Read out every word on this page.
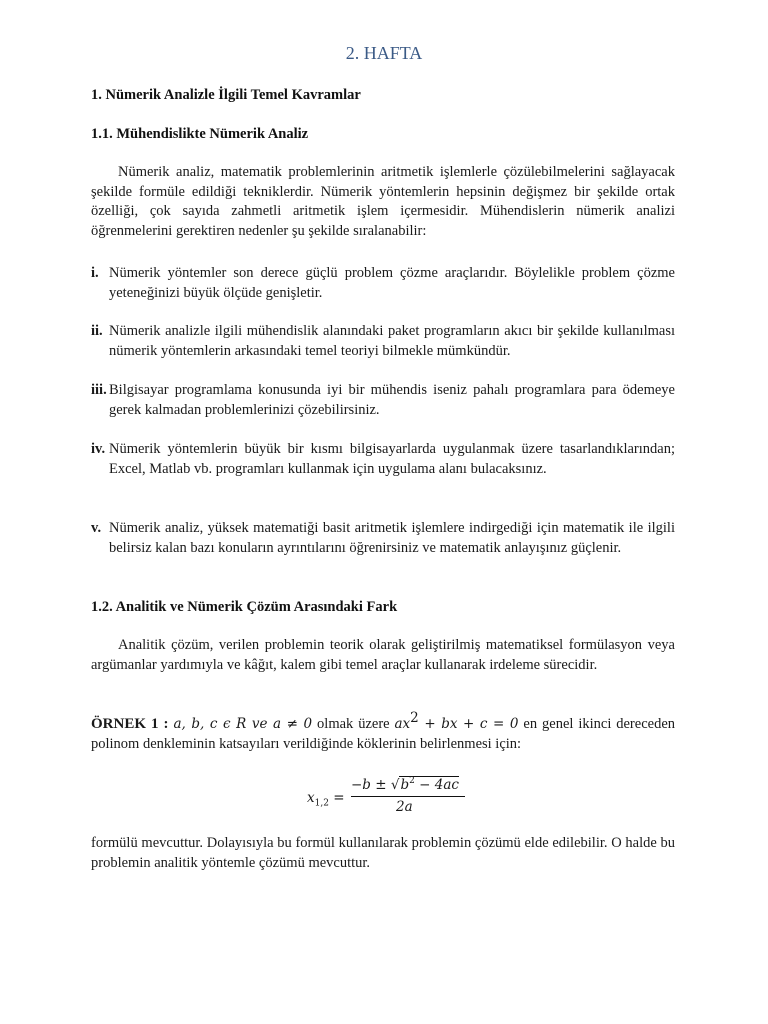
2. HAFTA
1. Nümerik Analizle İlgili Temel Kavramlar
1.1. Mühendislikte Nümerik Analiz
Nümerik analiz, matematik problemlerinin aritmetik işlemlerle çözülebilmelerini sağlayacak şekilde formüle edildiği tekniklerdir. Nümerik yöntemlerin hepsinin değişmez bir şekilde ortak özelliği, çok sayıda zahmetli aritmetik işlem içermesidir. Mühendislerin nümerik analizi öğrenmelerini gerektiren nedenler şu şekilde sıralanabilir:
i. Nümerik yöntemler son derece güçlü problem çözme araçlarıdır. Böylelikle problem çözme yeteneğinizi büyük ölçüde genişletir.
ii. Nümerik analizle ilgili mühendislik alanındaki paket programların akıcı bir şekilde kullanılması nümerik yöntemlerin arkasındaki temel teoriyi bilmekle mümkündür.
iii. Bilgisayar programlama konusunda iyi bir mühendis iseniz pahalı programlara para ödemeye gerek kalmadan problemlerinizi çözebilirsiniz.
iv. Nümerik yöntemlerin büyük bir kısmı bilgisayarlarda uygulanmak üzere tasarlandıklarından; Excel, Matlab vb. programları kullanmak için uygulama alanı bulacaksınız.
v. Nümerik analiz, yüksek matematiği basit aritmetik işlemlere indirgediği için matematik ile ilgili belirsiz kalan bazı konuların ayrıntılarını öğrenirsiniz ve matematik anlayışınız güçlenir.
1.2. Analitik ve Nümerik Çözüm Arasındaki Fark
Analitik çözüm, verilen problemin teorik olarak geliştirilmiş matematiksel formülasyon veya argümanlar yardımıyla ve kâğıt, kalem gibi temel araçlar kullanarak irdeleme sürecidir.
ÖRNEK 1 : a, b, c ϵ R ve a ≠ 0 olmak üzere $ax^2$ + bx + c = 0 en genel ikinci dereceden polinom denkleminin katsayıları verildiğinde köklerinin belirlenmesi için:
$x_{1,2}$ =
$-b \pm √b^2 - 4ac$
2a
formülü mevcuttur. Dolayısıyla bu formül kullanılarak problemin çözümü elde edilebilir. O halde bu problemin analitik yöntemle çözümü mevcuttur.
